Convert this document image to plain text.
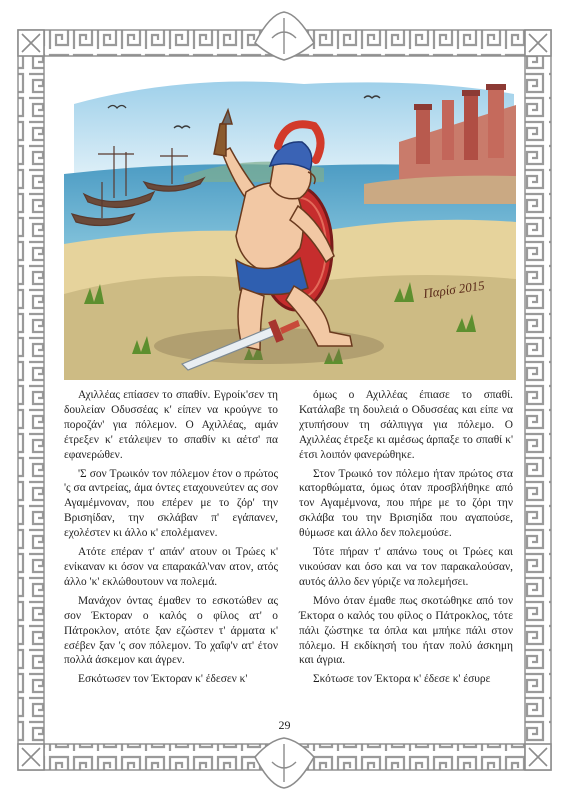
Παρίσ 2015

Αχιλλέας επίασεν το σπαθίν. Εγροίκ'σεν τη δουλείαν Οδυσσέας κ' είπεν να κρούγνε το ποροζάν' για πόλεμον. Ο Αχιλλέας, αμάν έτρεξεν κ' ετάλεψεν το σπαθίν κι αέτσ' πα εφανερώθεν.

'Σ σον Τρωικόν τον πόλεμον έτον ο πρώτος 'ς σα αντρείας, άμα όντες εταχουνεύτεν ας σον Αγαμέμνοναν, που επέρεν με το ζόρ' την Βρισηίδαν, την σκλάβαν π' εγάπανεν, εχολέστεν κι άλλο κ' επολέμανεν.

Ατότε επέραν τ' απάν' ατουν οι Τρώες κ' ενίκαναν κι όσον να επαρακάλ'ναν ατον, ατός άλλο 'κ' εκλώθουτουν να πολεμά.

Μανάχον όντας έμαθεν το εσκοτώθεν ας σον Έκτοραν ο καλός ο φίλος ατ' ο Πάτροκλον, ατότε ξαν εζώστεν τ' άρματα κ' εσέβεν ξαν 'ς σον πόλεμον. Το χαΐφ'ν ατ' έτον πολλά άσκεμον και άγρεν.

Εσκότωσεν τον Έκτοραν κ' έδεσεν κ'

όμως ο Αχιλλέας έπιασε το σπαθί. Κατάλαβε τη δουλειά ο Οδυσσέας και είπε να χτυπήσουν τη σάλπιγγα για πόλεμο. Ο Αχιλλέας έτρεξε κι αμέσως άρπαξε το σπαθί κ' έτσι λοιπόν φανερώθηκε.

Στον Τρωικό τον πόλεμο ήταν πρώτος στα κατορθώματα, όμως όταν προσβλήθηκε από τον Αγαμέμνονα, που πήρε με το ζόρι την σκλάβα του την Βρισηίδα που αγαπούσε, θύμωσε και άλλο δεν πολεμούσε.

Τότε πήραν τ' απάνω τους οι Τρώες και νικούσαν και όσο και να τον παρακαλούσαν, αυτός άλλο δεν γύριζε να πολεμήσει.

Μόνο όταν έμαθε πως σκοτώθηκε από τον Έκτορα ο καλός του φίλος ο Πάτροκλος, τότε πάλι ζώστηκε τα όπλα και μπήκε πάλι στον πόλεμο. Η εκδίκησή του ήταν πολύ άσκημη και άγρια.

Σκότωσε τον Έκτορα κ' έδεσε κ' έσυρε

29
